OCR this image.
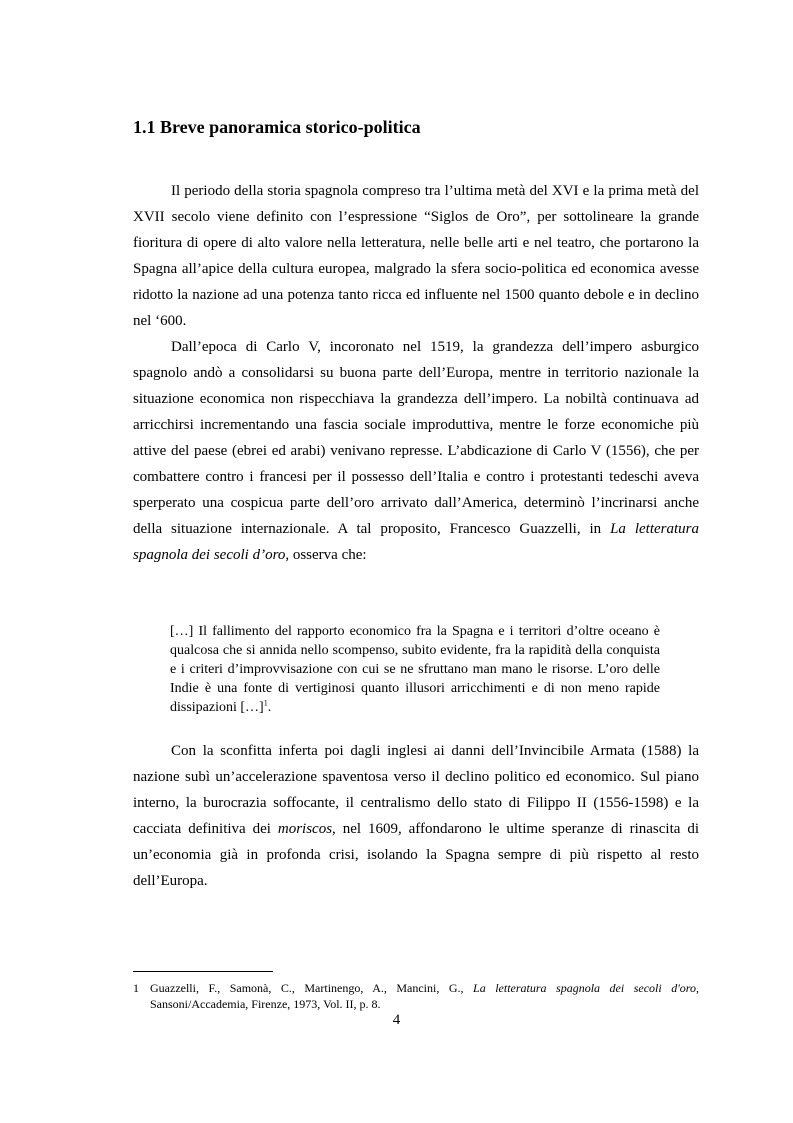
1.1 Breve panoramica storico-politica

Il periodo della storia spagnola compreso tra l’ultima metà del XVI e la prima metà del XVII secolo viene definito con l’espressione “Siglos de Oro”, per sottolineare la grande fioritura di opere di alto valore nella letteratura, nelle belle arti e nel teatro, che portarono la Spagna all’apice della cultura europea, malgrado la sfera socio-politica ed economica avesse ridotto la nazione ad una potenza tanto ricca ed influente nel 1500 quanto debole e in declino nel ‘600.

Dall’epoca di Carlo V, incoronato nel 1519, la grandezza dell’impero asburgico spagnolo andò a consolidarsi su buona parte dell’Europa, mentre in territorio nazionale la situazione economica non rispecchiava la grandezza dell’impero. La nobiltà continuava ad arricchirsi incrementando una fascia sociale improduttiva, mentre le forze economiche più attive del paese (ebrei ed arabi) venivano represse. L’abdicazione di Carlo V (1556), che per combattere contro i francesi per il possesso dell’Italia e contro i protestanti tedeschi aveva sperperato una cospicua parte dell’oro arrivato dall’America, determinò l’incrinarsi anche della situazione internazionale. A tal proposito, Francesco Guazzelli, in La letteratura spagnola dei secoli d’oro, osserva che:

[…] Il fallimento del rapporto economico fra la Spagna e i territori d’oltre oceano è qualcosa che si annida nello scompenso, subito evidente, fra la rapidità della conquista e i criteri d’improvvisazione con cui se ne sfruttano man mano le risorse. L’oro delle Indie è una fonte di vertiginosi quanto illusori arricchimenti e di non meno rapide dissipazioni […]$^1$.

Con la sconfitta inferta poi dagli inglesi ai danni dell’Invincibile Armata (1588) la nazione subì un’accelerazione spaventosa verso il declino politico ed economico. Sul piano interno, la burocrazia soffocante, il centralismo dello stato di Filippo II (1556-1598) e la cacciata definitiva dei moriscos, nel 1609, affondarono le ultime speranze di rinascita di un’economia già in profonda crisi, isolando la Spagna sempre di più rispetto al resto dell’Europa.

1 Guazzelli, F., Samonà, C., Martinengo, A., Mancini, G., La letteratura spagnola dei secoli d'oro, Sansoni/Accademia, Firenze, 1973, Vol. II, p. 8.
4
